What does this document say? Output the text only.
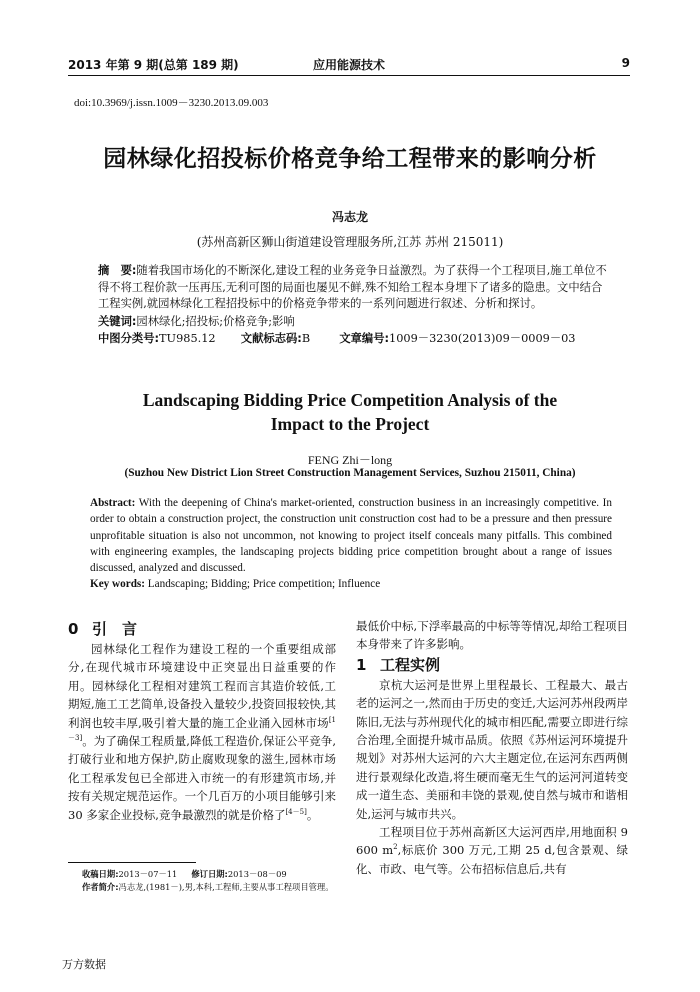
2013 年第 9 期(总第 189 期)	应用能源技术	9
doi:10.3969/j.issn.1009－3230.2013.09.003
园林绿化招投标价格竞争给工程带来的影响分析
冯志龙
(苏州高新区狮山街道建设管理服务所,江苏 苏州 215011)

摘　要:随着我国市场化的不断深化,建设工程的业务竞争日益激烈。为了获得一个工程项目,施工单位不得不将工程价款一压再压,无利可图的局面也屡见不鲜,殊不知给工程本身埋下了诸多的隐患。文中结合工程实例,就园林绿化工程招投标中的价格竞争带来的一系列问题进行叙述、分析和探讨。

关键词:园林绿化;招投标;价格竞争;影响

中图分类号:TU985.12 文献标志码:B	文章编号:1009－3230(2013)09－0009－03

Landscaping Bidding Price Competition Analysis of the
Impact to the Project
FENG Zhi－long
(Suzhou New District Lion Street Construction Management Services, Suzhou 215011, China)

Abstract: With the deepening of China's market-oriented, construction business in an increasingly competitive. In order to obtain a construction project, the construction unit construction cost had to be a pressure and then pressure unprofitable situation is also not uncommon, not knowing to project itself conceals many pitfalls. This combined with engineering examples, the landscaping projects bidding price competition brought about a range of issues discussed, analyzed and discussed.

Key words: Landscaping; Bidding; Price competition; Influence

0 引　言

园林绿化工程作为建设工程的一个重要组成部分,在现代城市环境建设中正突显出日益重要的作用。园林绿化工程相对建筑工程而言其造价较低,工期短,施工工艺简单,设备投入量较少,投资回报较快,其利润也较丰厚,吸引着大量的施工企业涌入园林市场[1－3]。为了确保工程质量,降低工程造价,保证公平竞争,打破行业和地方保护,防止腐败现象的滋生,园林市场化工程承发包已全部进入市统一的有形建筑市场,并按有关规定规范运作。一个几百万的小项目能够引来 30 多家企业投标,竞争最激烈的就是价格了[4－5]。

最低价中标,下浮率最高的中标等等情况,却给工程项目本身带来了许多影响。

1 工程实例

京杭大运河是世界上里程最长、工程最大、最古老的运河之一,然而由于历史的变迁,大运河苏州段两岸陈旧,无法与苏州现代化的城市相匹配,需要立即进行综合治理,全面提升城市品质。依照《苏州运河环境提升规划》对苏州大运河的六大主题定位,在运河东西两侧进行景观绿化改造,将生硬而毫无生气的运河河道转变成一道生态、美丽和丰饶的景观,使自然与城市和谐相处,运河与城市共兴。

工程项目位于苏州高新区大运河西岸,用地面积 9 600 $m^2$,标底价 300 万元,工期 25 d,包含景观、绿化、市政、电气等。公布招标信息后,共有

收稿日期:2013－07－11 修订日期:2013－08－09

作者简介:冯志龙,(1981－),男,本科,工程师,主要从事工程项目管理。

万方数据
